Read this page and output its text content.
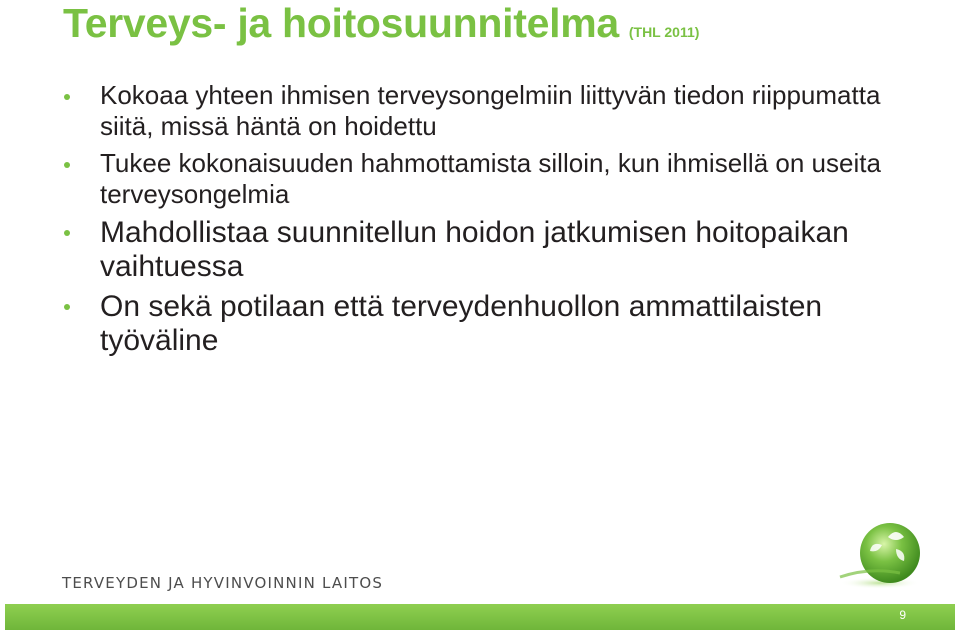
Terveys- ja hoitosuunnitelma (THL 2011)
Kokoaa yhteen ihmisen terveysongelmiin liittyvän tiedon riippumatta siitä, missä häntä on hoidettu
Tukee kokonaisuuden hahmottamista silloin, kun ihmisellä on useita terveysongelmia
Mahdollistaa suunnitellun hoidon jatkumisen hoitopaikan vaihtuessa
On sekä potilaan että terveydenhuollon ammattilaisten työväline
TERVEYDEN JA HYVINVOINNIN LAITOS
9
